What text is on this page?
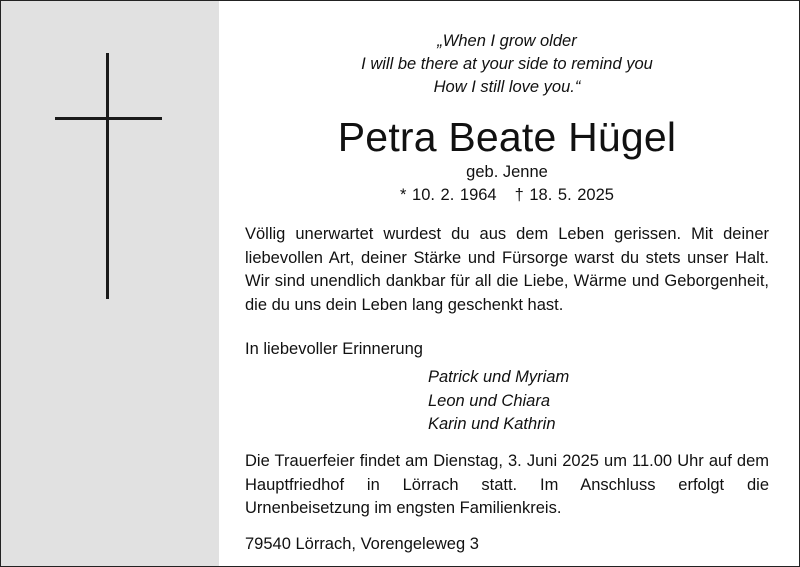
„When I grow older
I will be there at your side to remind you
How I still love you.“
Petra Beate Hügel
geb. Jenne
* 10. 2. 1964 † 18. 5. 2025
Völlig unerwartet wurdest du aus dem Leben gerissen. Mit deiner liebevollen Art, deiner Stärke und Fürsorge warst du stets unser Halt. Wir sind unendlich dankbar für all die Liebe, Wärme und Geborgenheit, die du uns dein Leben lang geschenkt hast.
In liebevoller Erinnerung
Patrick und Myriam
Leon und Chiara
Karin und Kathrin
Die Trauerfeier findet am Dienstag, 3. Juni 2025 um 11.00 Uhr auf dem Hauptfriedhof in Lörrach statt. Im Anschluss erfolgt die Urnenbeisetzung im engsten Familienkreis.
79540 Lörrach, Vorengeleweg 3
